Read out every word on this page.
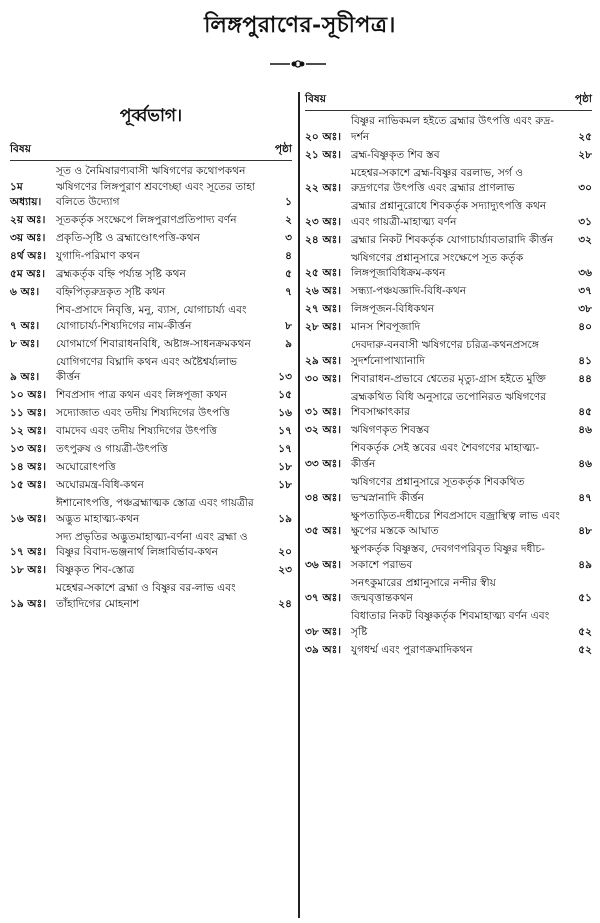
লিঙ্গপুরাণের-সূচীপত্র।
পূর্ব্বভাগ।
বিষয়	পৃষ্ঠা
১ম অধ্যায়।
সূত ও নৈমিষারণ্যবাসী ঋষিগণের কথোপকথন ঋষিগণের লিঙ্গপুরাণ শ্রবণেচ্ছা এবং সূতের তাহা বলিতে উদ্যোগ	১
২য় অঃ। সূতকর্তৃক সংক্ষেপে লিঙ্গপুরাণপ্রতিপাদ্য বর্ণন	২
৩য় অঃ। প্রকৃতি-সৃষ্টি ও ব্রহ্মাণ্ডোৎপত্তি-কথন	৩
৪র্থ অঃ। যুগাদি-পরিমাণ কথন	৪
৫ম অঃ।	ব্রহ্মকর্তৃক বহ্নি পর্য্যন্ত সৃষ্টি কথন	৫
৬ অঃ।	বহ্নিপিতৃরুদ্রকৃত সৃষ্টি কথন	৭
৭ অঃ।
শিব-প্রসাদে নিবৃত্তি, মনু, ব্যাস, যোগাচার্য্য এবং যোগাচার্য্য-শিষ্যদিগের নাম-কীর্ত্তন	৮
৮ অঃ।	যোগমার্গে শিবারাধনবিধি, অষ্টাঙ্গ-সাধনক্রমকথন	৯
৯ অঃ।
যোগিগণের বিঘ্নাদি কথন এবং অষ্টৈশ্বর্য্যলাভ কীর্ত্তন	১৩
১০ অঃ। শিবপ্রসাদ পাত্র কথন এবং লিঙ্গপূজা কথন	১৫
১১ অঃ। সদ্যোজাত এবং তদীয় শিষ্যদিগের উৎপত্তি	১৬
১২ অঃ। বামদেব এবং তদীয় শিষ্যদিগের উৎপত্তি	১৭
১৩ অঃ। তৎপুরুষ ও গায়ত্রী-উৎপত্তি	১৭
১৪ অঃ। অঘোরোৎপত্তি	১৮
১৫ অঃ। অঘোরমন্ত্র-বিধি-কথন	১৮
১৬ অঃ।
ঈশানোৎপত্তি, পঞ্চব্রহ্মাত্মক স্তোত্র এবং গায়ত্রীর অদ্ভুত মাহাত্ম্য-কথন	১৯
১৭ অঃ।
সদ্য প্রভৃতির অদ্ভুতমাহাত্ম্য-বর্ণনা এবং ব্রহ্মা ও বিষ্ণুর বিবাদ-ভঞ্জনার্থ লিঙ্গাবির্ভাব-কথন	২০
১৮ অঃ। বিষ্ণুকৃত শিব-স্তোত্র	২৩
১৯ অঃ।
মহেশ্বর-সকাশে ব্রহ্মা ও বিষ্ণুর বর-লাভ এবং তাঁহাদিগের মোহনাশ	২৪
বিষয়	পৃষ্ঠা
২০ অঃ।
বিষ্ণুর নাভিকমল হইতে ব্রহ্মার উৎপত্তি এবং রুদ্র-দর্শন	২৫
২১ অঃ। ব্রহ্ম-বিষ্ণুকৃত শিব স্তব	২৮
২২ অঃ।
মহেশ্বর-সকাশে ব্রহ্ম-বিষ্ণুর বরলাভ, সর্গ ও রুদ্রগণের উৎপত্তি এবং ব্রহ্মার প্রাণলাভ	৩০
২৩ অঃ।
ব্রহ্মার প্রশ্নানুরোধে শিবকর্তৃক সদ্যাদ্যুৎপত্তি কথন এবং গায়ত্রী-মাহাত্ম্য বর্ণন	৩১
২৪ অঃ। ব্রহ্মার নিকট শিবকর্তৃক যোগাচার্য্যাবতারাদি কীর্ত্তন	৩২
২৫ অঃ।
ঋষিগণের প্রশ্নানুসারে সংক্ষেপে সূত কর্তৃক লিঙ্গপূজাবিধিক্রম-কথন	৩৬
২৬ অঃ। সন্ধ্যা-পঞ্চযজ্ঞাদি-বিধি-কথন	৩৭
২৭ অঃ। লিঙ্গপূজন-বিধিকথন	৩৮
২৮ অঃ। মানস শিবপূজাদি	৪০
২৯ অঃ।
দেবদারু-বনবাসী ঋষিগণের চরিত্র-কথনপ্রসঙ্গে সুদর্শনোপাখ্যানাদি	৪১
৩০ অঃ। শিবারাধন-প্রভাবে শ্বেতের মৃত্যু-গ্রাস হইতে মুক্তি	৪৪
৩১ অঃ।
ব্রহ্মকথিত বিধি অনুসারে তপোনিরত ঋষিগণের শিবসাক্ষাৎকার	৪৫
৩২ অঃ। ঋষিগণকৃত শিবস্তব	৪৬
৩৩ অঃ।
শিবকর্তৃক সেই স্তবের এবং শৈবগণের মাহাত্ম্য-কীর্ত্তন	৪৬
৩৪ অঃ।
ঋষিগণের প্রশ্নানুসারে সূতকর্তৃক শিবকথিত ভস্মস্নানাদি কীর্ত্তন	৪৭
৩৫ অঃ।
ক্ষুপতাড়িত-দধীচের শিবপ্রসাদে বজ্রাস্থিত্ব লাভ এবং ক্ষুপের মস্তকে আঘাত	৪৮
৩৬ অঃ।
ক্ষুপকর্তৃক বিষ্ণুস্তব, দেবগণপরিবৃত বিষ্ণুর দধীচ-সকাশে পরাভব	৪৯
৩৭ অঃ।
সনৎকুমারের প্রশ্নানুসারে নন্দীর স্বীয় জন্মবৃত্তান্তকথন	৫১
৩৮ অঃ।
বিধাতার নিকট বিষ্ণুকর্তৃক শিবমাহাত্ম্য বর্ণন এবং সৃষ্টি	৫২
৩৯ অঃ। যুগধর্ম্ম এবং পুরাণক্রমাদিকথন	৫২
